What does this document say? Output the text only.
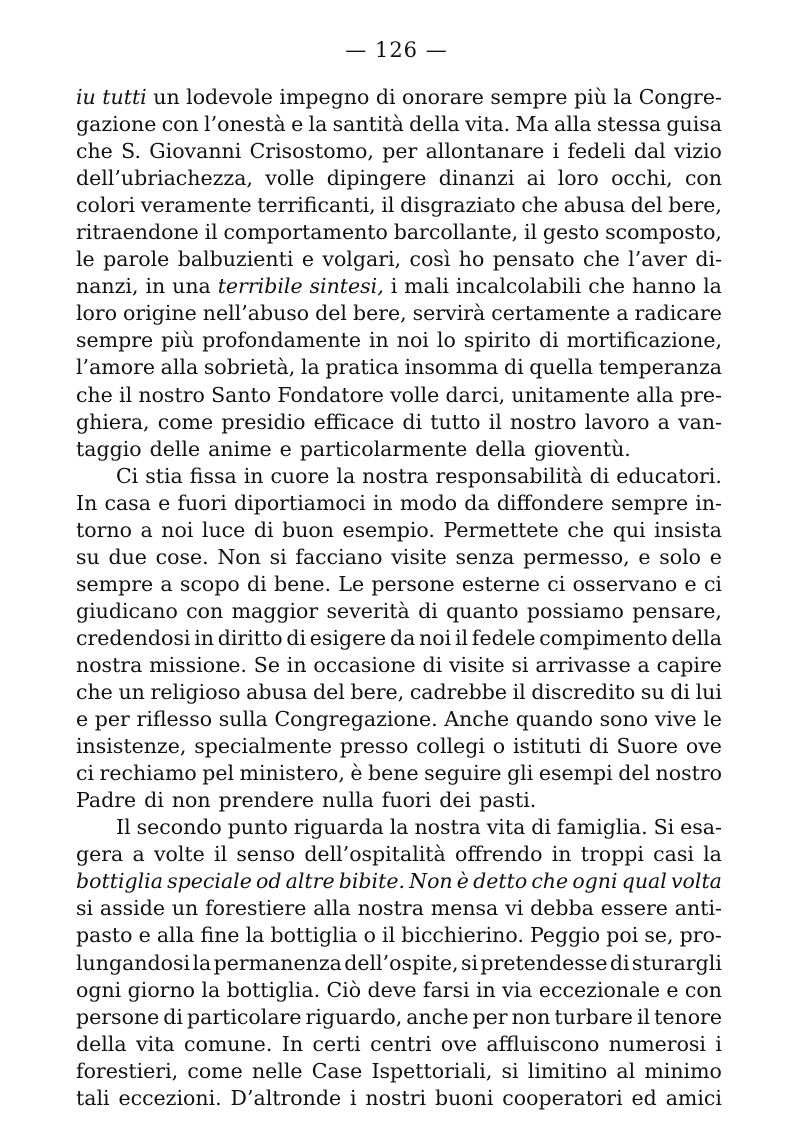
— 126 —
iu tutti un lodevole impegno di onorare sempre più la Congre-
gazione con l’onestà e la santità della vita. Ma alla stessa guisa
che S. Giovanni Crisostomo, per allontanare i fedeli dal vizio
dell’ubriachezza, volle dipingere dinanzi ai loro occhi, con
colori veramente terrificanti, il disgraziato che abusa del bere,
ritraendone il comportamento barcollante, il gesto scomposto,
le parole balbuzienti e volgari, così ho pensato che l’aver di-
nanzi, in una terribile sintesi, i mali incalcolabili che hanno la
loro origine nell’abuso del bere, servirà certamente a radicare
sempre più profondamente in noi lo spirito di mortificazione,
l’amore alla sobrietà, la pratica insomma di quella temperanza
che il nostro Santo Fondatore volle darci, unitamente alla pre-
ghiera, come presidio efficace di tutto il nostro lavoro a van-
taggio delle anime e particolarmente della gioventù.
Ci stia fissa in cuore la nostra responsabilità di educatori.
In casa e fuori diportiamoci in modo da diffondere sempre in-
torno a noi luce di buon esempio. Permettete che qui insista
su due cose. Non si facciano visite senza permesso, e solo e
sempre a scopo di bene. Le persone esterne ci osservano e ci
giudicano con maggior severità di quanto possiamo pensare,
credendosi in diritto di esigere da noi il fedele compimento della
nostra missione. Se in occasione di visite si arrivasse a capire
che un religioso abusa del bere, cadrebbe il discredito su di lui
e per riflesso sulla Congregazione. Anche quando sono vive le
insistenze, specialmente presso collegi o istituti di Suore ove
ci rechiamo pel ministero, è bene seguire gli esempi del nostro
Padre di non prendere nulla fuori dei pasti.
Il secondo punto riguarda la nostra vita di famiglia. Si esa-
gera a volte il senso dell’ospitalità offrendo in troppi casi la
bottiglia speciale od altre bibite. Non è detto che ogni qual volta
si asside un forestiere alla nostra mensa vi debba essere anti-
pasto e alla fine la bottiglia o il bicchierino. Peggio poi se, pro-
lungandosi la permanenza dell’ospite, si pretendesse di sturargli
ogni giorno la bottiglia. Ciò deve farsi in via eccezionale e con
persone di particolare riguardo, anche per non turbare il tenore
della vita comune. In certi centri ove affluiscono numerosi i
forestieri, come nelle Case Ispettoriali, si limitino al minimo
tali eccezioni. D’altronde i nostri buoni cooperatori ed amici
